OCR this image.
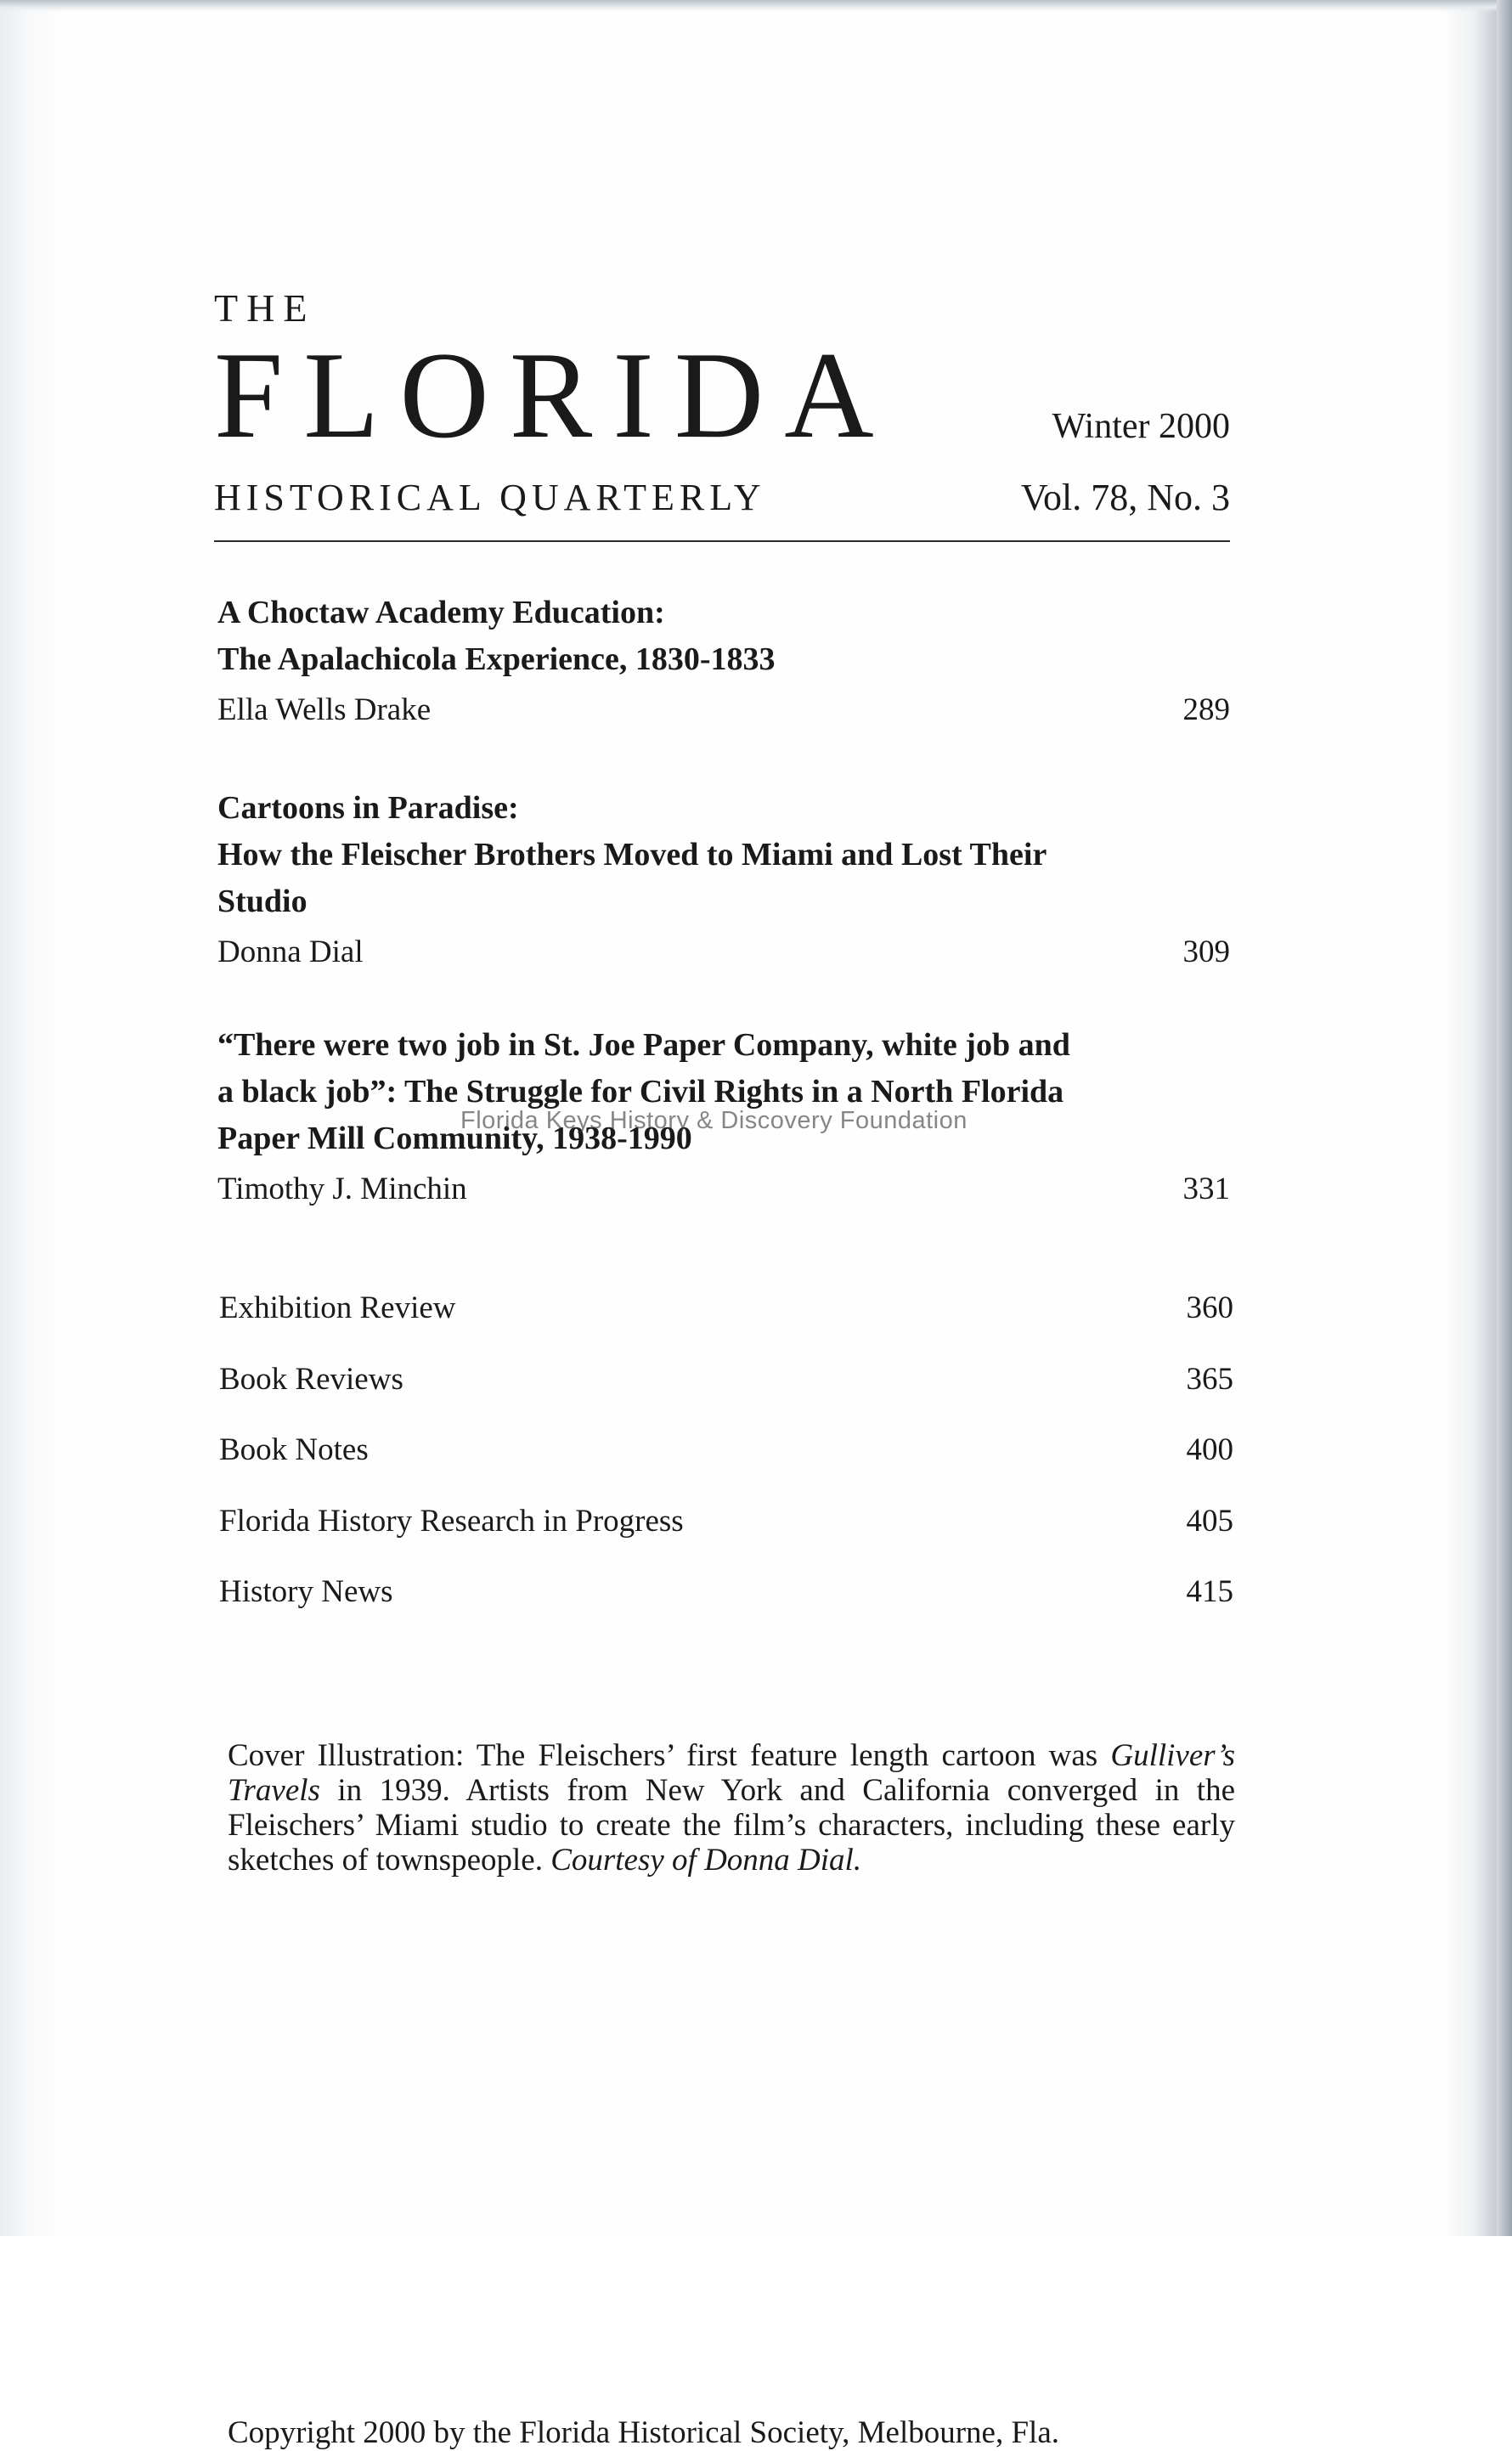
THE
FLORIDA	Winter 2000
HISTORICAL QUARTERLY	Vol. 78, No. 3
A Choctaw Academy Education:
The Apalachicola Experience, 1830-1833
Ella Wells Drake	289
Cartoons in Paradise:
How the Fleischer Brothers Moved to Miami and Lost Their
Studio
Donna Dial	309
“There were two job in St. Joe Paper Company, white job and
a black job”: The Struggle for Civil Rights in a North Florida
Paper Mill Community, 1938-1990
Timothy J. Minchin	331
Exhibition Review	360
Book Reviews	365
Book Notes	400
Florida History Research in Progress	405
History News	415
Cover Illustration: The Fleischers’ first feature length cartoon was Gulliver’s Travels in 1939. Artists from New York and California converged in the Fleischers’ Miami studio to create the film’s characters, including these early sketches of townspeople. Courtesy of Donna Dial.
Copyright 2000 by the Florida Historical Society, Melbourne, Fla.
Florida Keys History & Discovery Foundation
